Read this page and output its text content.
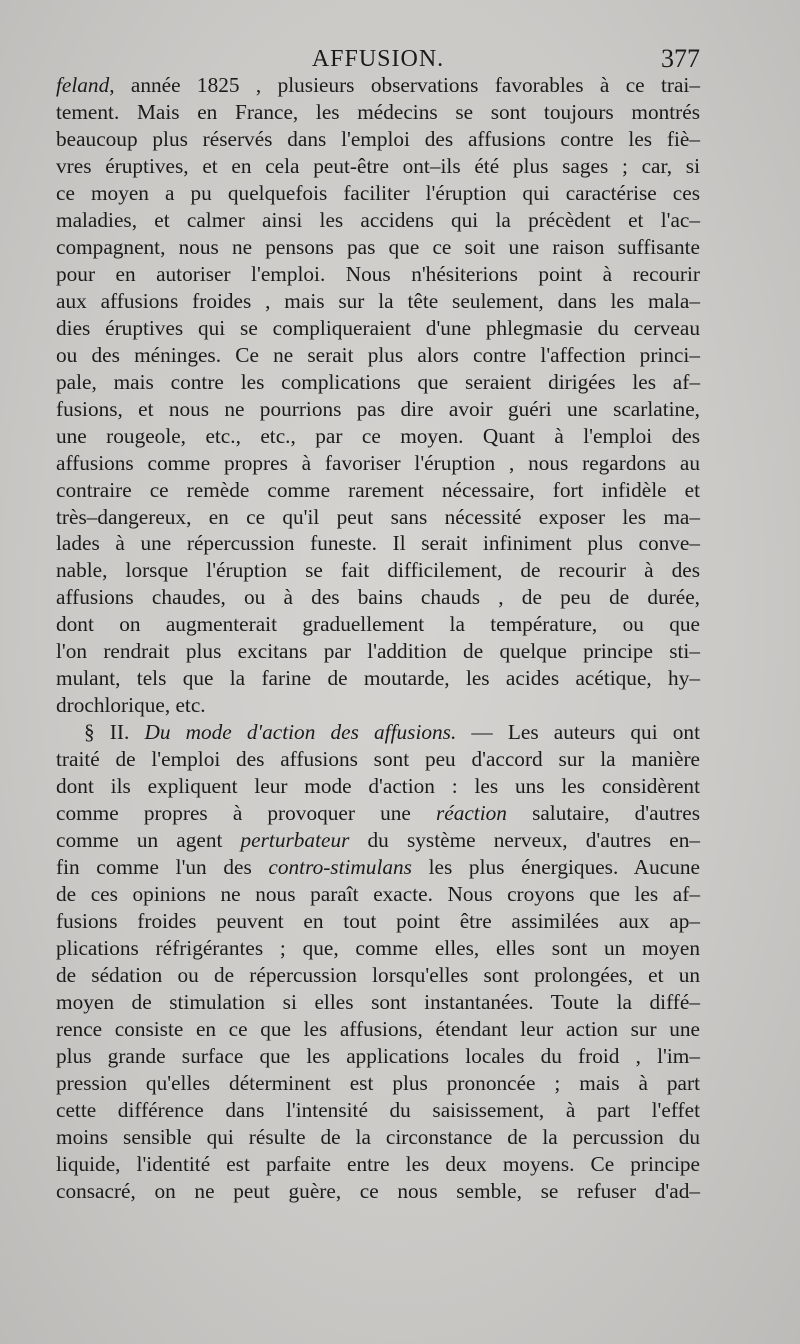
AFFUSION.	377
feland, année 1825 , plusieurs observations favorables à ce trai–
tement. Mais en France, les médecins se sont toujours montrés
beaucoup plus réservés dans l'emploi des affusions contre les fiè–
vres éruptives, et en cela peut-être ont–ils été plus sages ; car, si
ce moyen a pu quelquefois faciliter l'éruption qui caractérise ces
maladies, et calmer ainsi les accidens qui la précèdent et l'ac–
compagnent, nous ne pensons pas que ce soit une raison suffisante
pour en autoriser l'emploi. Nous n'hésiterions point à recourir
aux affusions froides , mais sur la tête seulement, dans les mala–
dies éruptives qui se compliqueraient d'une phlegmasie du cerveau
ou des méninges. Ce ne serait plus alors contre l'affection princi–
pale, mais contre les complications que seraient dirigées les af–
fusions, et nous ne pourrions pas dire avoir guéri une scarlatine,
une rougeole, etc., etc., par ce moyen. Quant à l'emploi des
affusions comme propres à favoriser l'éruption , nous regardons au
contraire ce remède comme rarement nécessaire, fort infidèle et
très–dangereux, en ce qu'il peut sans nécessité exposer les ma–
lades à une répercussion funeste. Il serait infiniment plus conve–
nable, lorsque l'éruption se fait difficilement, de recourir à des
affusions chaudes, ou à des bains chauds , de peu de durée,
dont on augmenterait graduellement la température, ou que
l'on rendrait plus excitans par l'addition de quelque principe sti–
mulant, tels que la farine de moutarde, les acides acétique, hy–
drochlorique, etc.
§ II. Du mode d'action des affusions. — Les auteurs qui ont
traité de l'emploi des affusions sont peu d'accord sur la manière
dont ils expliquent leur mode d'action : les uns les considèrent
comme propres à provoquer une réaction salutaire, d'autres
comme un agent perturbateur du système nerveux, d'autres en–
fin comme l'un des contro-stimulans les plus énergiques. Aucune
de ces opinions ne nous paraît exacte. Nous croyons que les af–
fusions froides peuvent en tout point être assimilées aux ap–
plications réfrigérantes ; que, comme elles, elles sont un moyen
de sédation ou de répercussion lorsqu'elles sont prolongées, et un
moyen de stimulation si elles sont instantanées. Toute la diffé–
rence consiste en ce que les affusions, étendant leur action sur une
plus grande surface que les applications locales du froid , l'im–
pression qu'elles déterminent est plus prononcée ; mais à part
cette différence dans l'intensité du saisissement, à part l'effet
moins sensible qui résulte de la circonstance de la percussion du
liquide, l'identité est parfaite entre les deux moyens. Ce principe
consacré, on ne peut guère, ce nous semble, se refuser d'ad–
